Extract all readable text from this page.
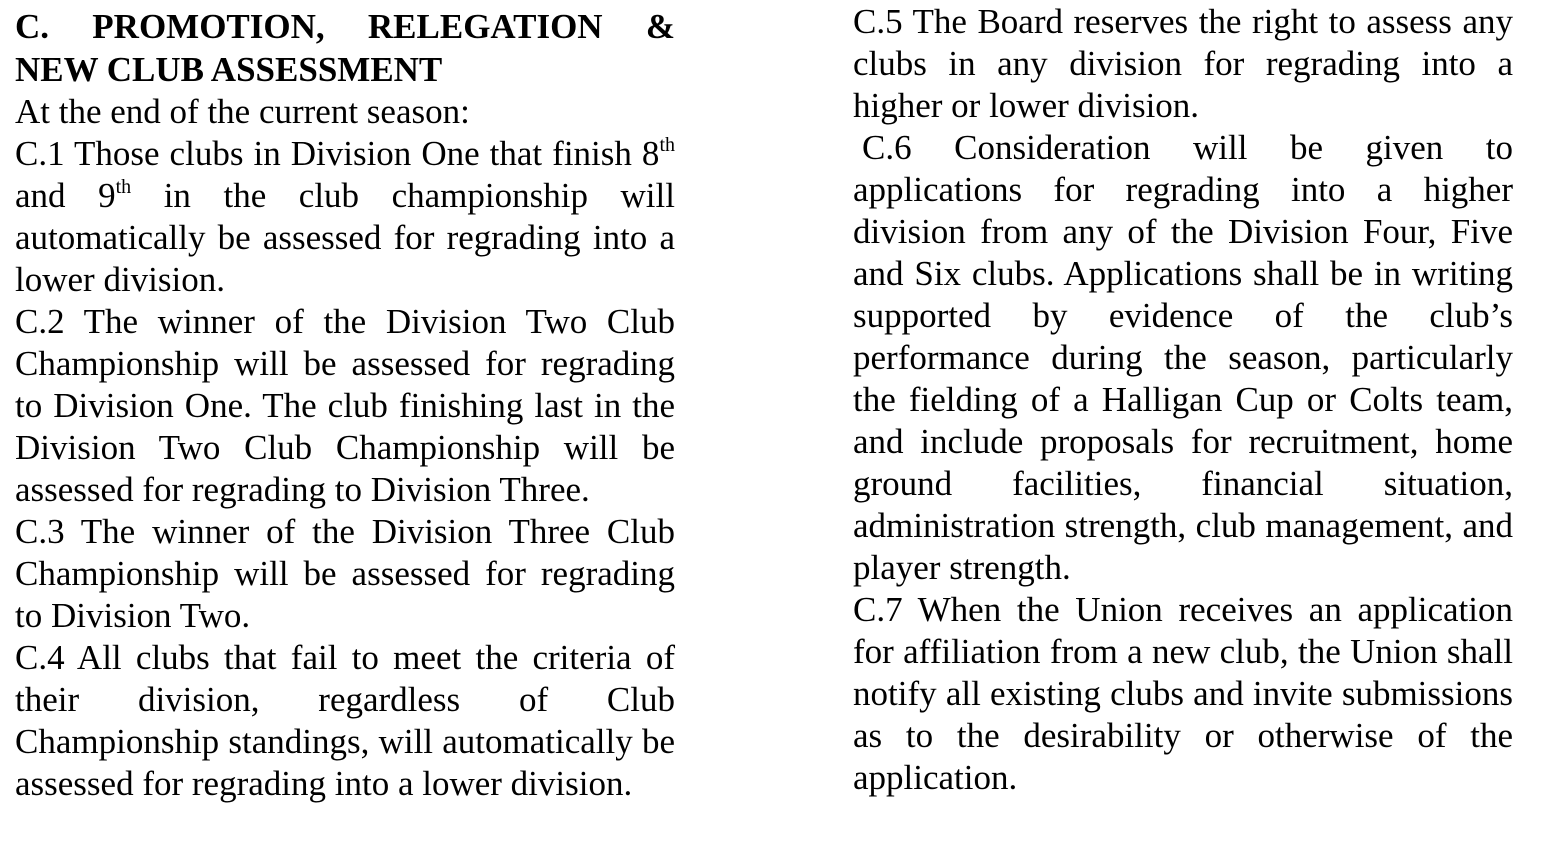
C. PROMOTION, RELEGATION &
NEW CLUB ASSESSMENT

At the end of the current season:

C.1 Those clubs in Division One that finish 8th and 9th in the club championship will automatically be assessed for regrading into a lower division.

C.2 The winner of the Division Two Club Championship will be assessed for regrading to Division One. The club finishing last in the Division Two Club Championship will be assessed for regrading to Division Three.

C.3 The winner of the Division Three Club Championship will be assessed for regrading to Division Two.

C.4 All clubs that fail to meet the criteria of their division, regardless of Club Championship standings, will automatically be assessed for regrading into a lower division.

C.5 The Board reserves the right to assess any clubs in any division for regrading into a higher or lower division.

C.6 Consideration will be given to applications for regrading into a higher division from any of the Division Four, Five and Six clubs. Applications shall be in writing supported by evidence of the club’s performance during the season, particularly the fielding of a Halligan Cup or Colts team, and include proposals for recruitment, home ground facilities, financial situation, administration strength, club management, and player strength.

C.7 When the Union receives an application for affiliation from a new club, the Union shall notify all existing clubs and invite submissions as to the desirability or otherwise of the application.
